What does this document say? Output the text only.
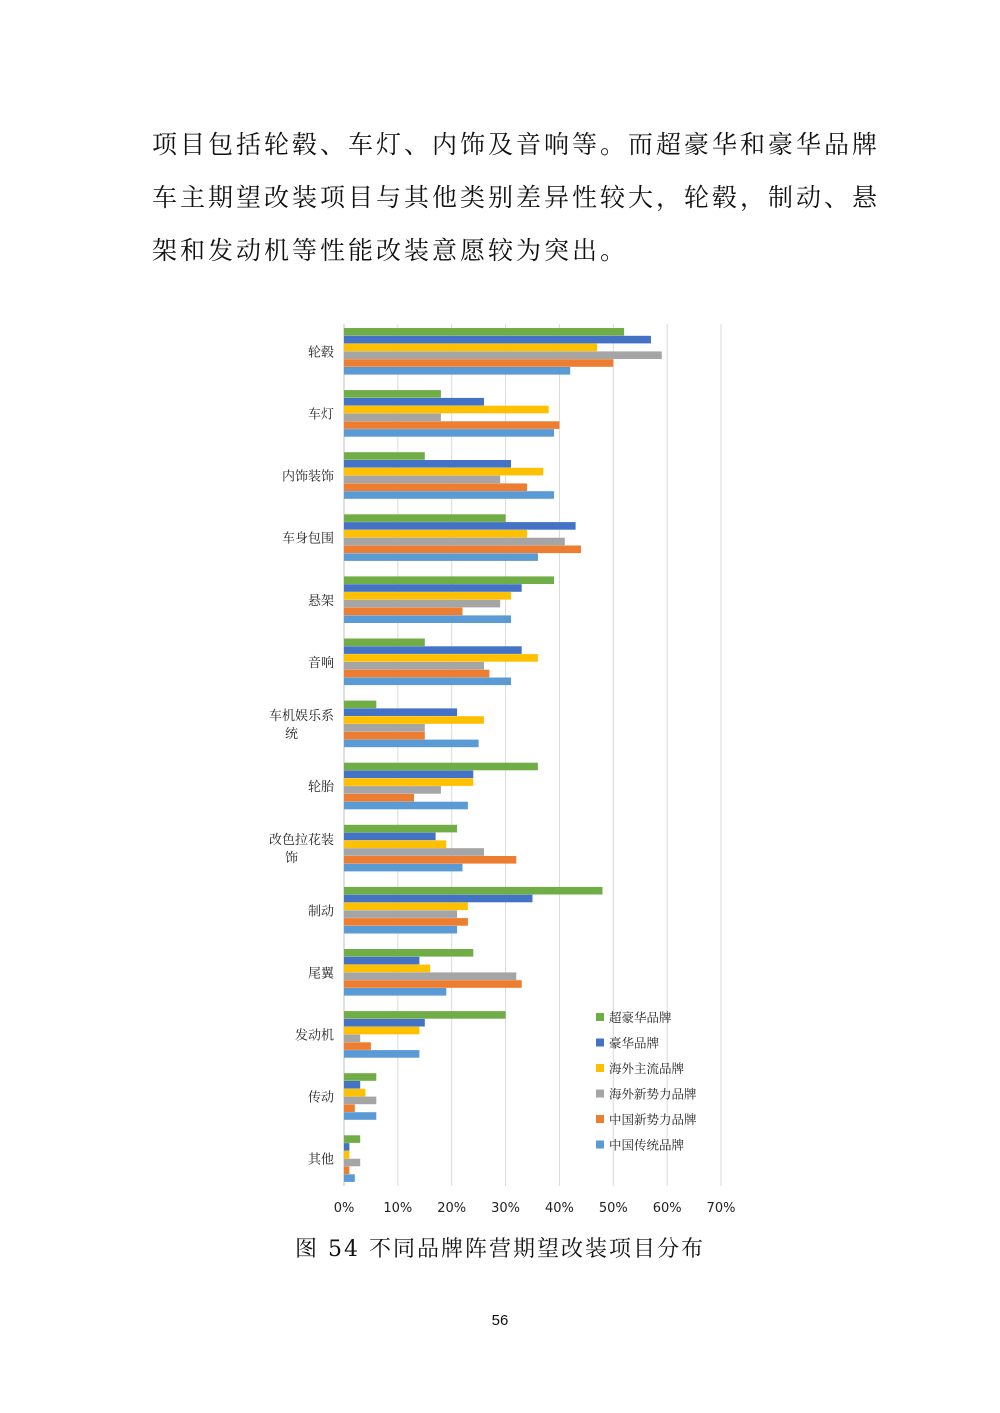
项目包括轮毂、车灯、内饰及音响等。而超豪华和豪华品牌

车主期望改装项目与其他类别差异性较大，轮毂，制动、悬

架和发动机等性能改装意愿较为突出。

轮毂
车灯
内饰装饰
车身包围
悬架
音响
车机娱乐系统
轮胎
改色拉花装饰
制动
尾翼
发动机
传动
其他
0% 10% 20% 30% 40% 50% 60% 70%
超豪华品牌
豪华品牌
海外主流品牌
海外新势力品牌
中国新势力品牌
中国传统品牌
图 54 不同品牌阵营期望改装项目分布
56
